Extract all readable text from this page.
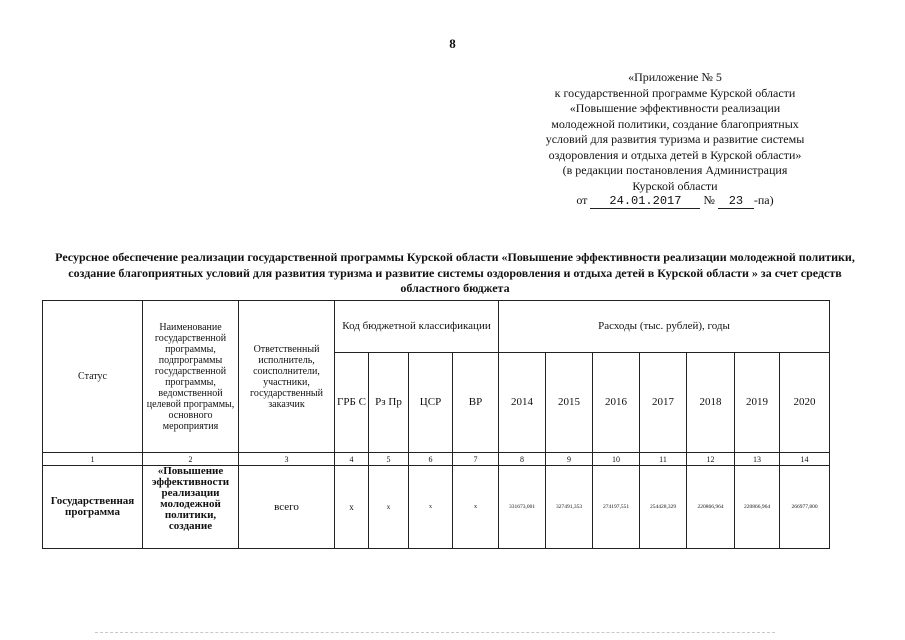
8
«Приложение № 5
к государственной программе Курской области
«Повышение эффективности реализации
молодежной политики, создание благоприятных
условий для развития туризма и развитие системы
оздоровления и отдыха детей в Курской области»
(в редакции постановления Администрация
Курской области
от 24.01.2017 № 23 -па)
Ресурсное обеспечение реализации государственной программы Курской области «Повышение эффективности реализации молодежной политики, создание благоприятных условий для развития туризма и развитие системы оздоровления и отдыха детей в Курской области » за счет средств областного бюджета
Статус	Наименование государственной программы, подпрограммы государственной программы, ведомственной целевой программы, основного мероприятия	Ответственный исполнитель, соисполнители, участники, государственный заказчик	Код бюджетной классификации				Расходы (тыс. рублей), годы						
			ГРБ С	Рз Пр	ЦСР	ВР	2014	2015	2016	2017	2018	2019	2020
1	2	3	4	5	6	7	8	9	10	11	12	13	14
Государственная программа	«Повышение эффективности реализации молодежной политики, создание	всего	x	x	x	x	331673,001	327491,353	274197,551	254428,329	220866,964	220866,964	266977,800
